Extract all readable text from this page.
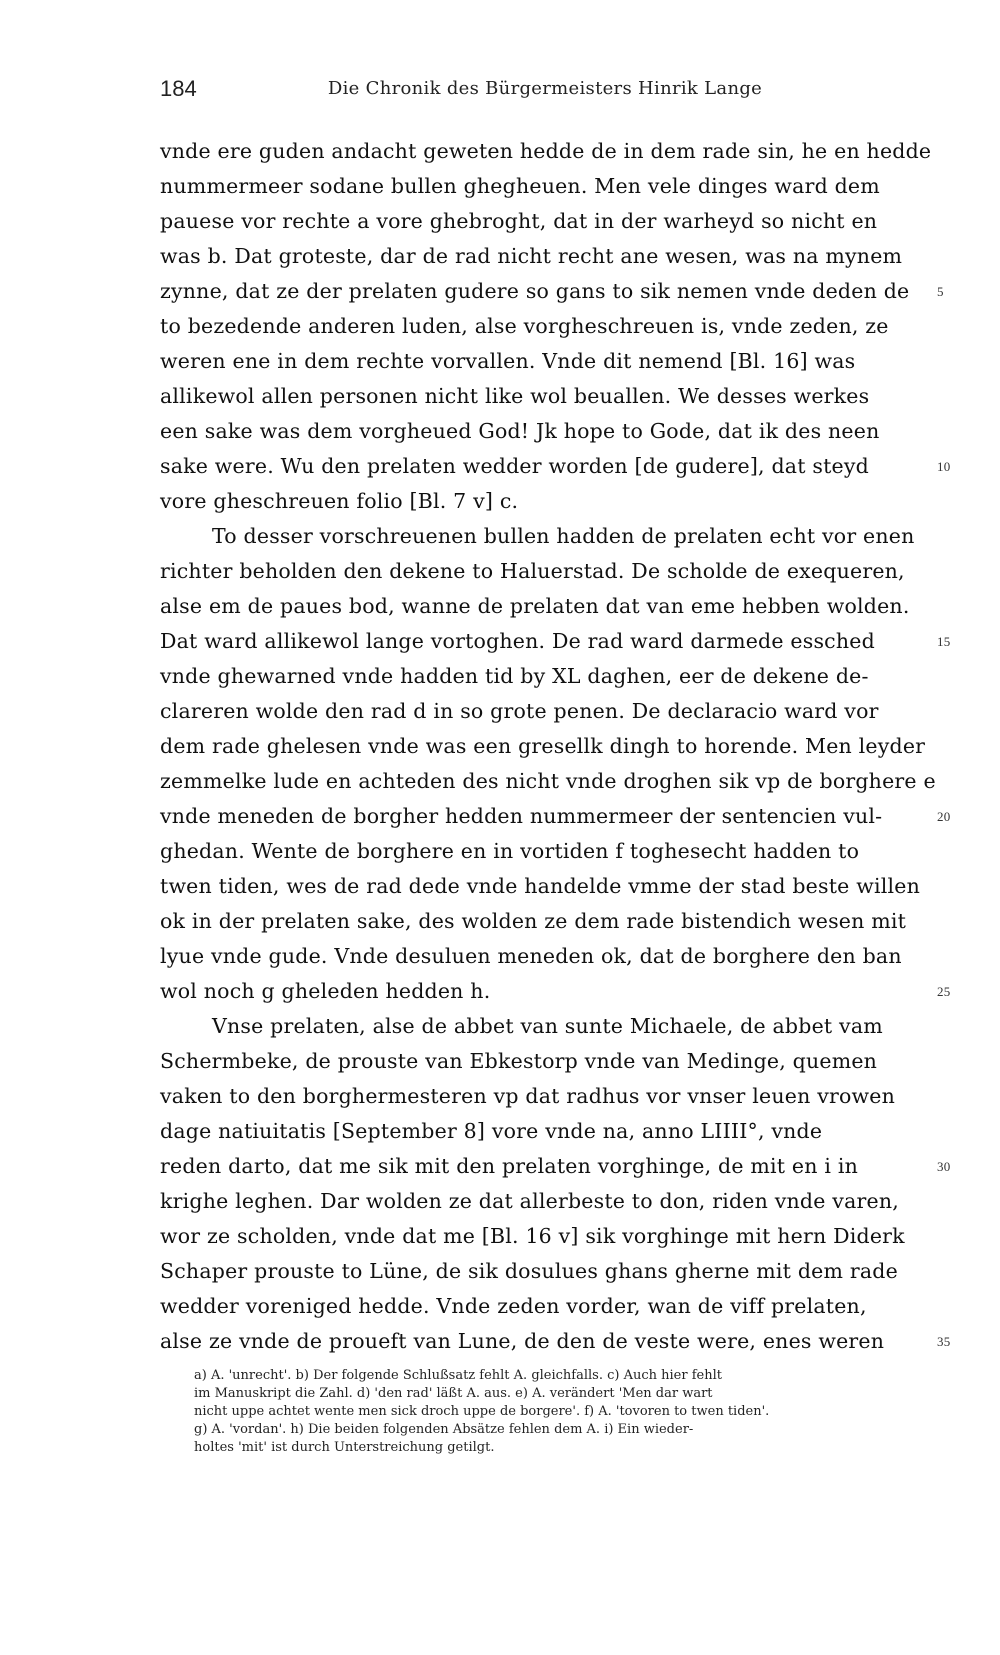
184	Die Chronik des Bürgermeisters Hinrik Lange
vnde ere guden andacht geweten hedde de in dem rade sin, he en hedde
nummermeer sodane bullen ghegheuen. Men vele dinges ward dem
pauese vor rechte a vore ghebroght, dat in der warheyd so nicht en
was b. Dat groteste, dar de rad nicht recht ane wesen, was na mynem
zynne, dat ze der prelaten gudere so gans to sik nemen vnde deden de 5
to bezedende anderen luden, alse vorgheschreuen is, vnde zeden, ze
weren ene in dem rechte vorvallen. Vnde dit nemend [Bl. 16] was
allikewol allen personen nicht like wol beuallen. We desses werkes
een sake was dem vorgheued God! Jk hope to Gode, dat ik des neen
sake were. Wu den prelaten wedder worden [de gudere], dat steyd	10
vore gheschreuen folio [Bl. 7 v] c.
To desser vorschreuenen bullen hadden de prelaten echt vor enen
richter beholden den dekene to Haluerstad. De scholde de exequeren,
alse em de paues bod, wanne de prelaten dat van eme hebben wolden.
Dat ward allikewol lange vortoghen. De rad ward darmede essched	15
vnde ghewarned vnde hadden tid by XL daghen, eer de dekene de-
clareren wolde den rad d in so grote penen. De declaracio ward vor
dem rade ghelesen vnde was een gresellk dingh to horende. Men leyder
zemmelke lude en achteden des nicht vnde droghen sik vp de borghere e
vnde meneden de borgher hedden nummermeer der sentencien vul-	20
ghedan. Wente de borghere en in vortiden f toghesecht hadden to
twen tiden, wes de rad dede vnde handelde vmme der stad beste willen
ok in der prelaten sake, des wolden ze dem rade bistendich wesen mit
lyue vnde gude. Vnde desuluen meneden ok, dat de borghere den ban
wol noch g gheleden hedden h.	25
Vnse prelaten, alse de abbet van sunte Michaele, de abbet vam
Schermbeke, de prouste van Ebkestorp vnde van Medinge, quemen
vaken to den borghermesteren vp dat radhus vor vnser leuen vrowen
dage natiuitatis [September 8] vore vnde na, anno LIIII°, vnde
reden darto, dat me sik mit den prelaten vorghinge, de mit en i in	30
krighe leghen. Dar wolden ze dat allerbeste to don, riden vnde varen,
wor ze scholden, vnde dat me [Bl. 16 v] sik vorghinge mit hern Diderk
Schaper prouste to Lüne, de sik dosulues ghans gherne mit dem rade
wedder voreniged hedde. Vnde zeden vorder, wan de viff prelaten,
alse ze vnde de proueft van Lune, de den de veste were, enes weren	35
a) A. 'unrecht'. b) Der folgende Schlußsatz fehlt A. gleichfalls. c) Auch hier fehlt
im Manuskript die Zahl. d) 'den rad' läßt A. aus. e) A. verändert 'Men dar wart
nicht uppe achtet wente men sick droch uppe de borgere'. f) A. 'tovoren to twen tiden'.
g) A. 'vordan'. h) Die beiden folgenden Absätze fehlen dem A. i) Ein wieder-
holtes 'mit' ist durch Unterstreichung getilgt.
